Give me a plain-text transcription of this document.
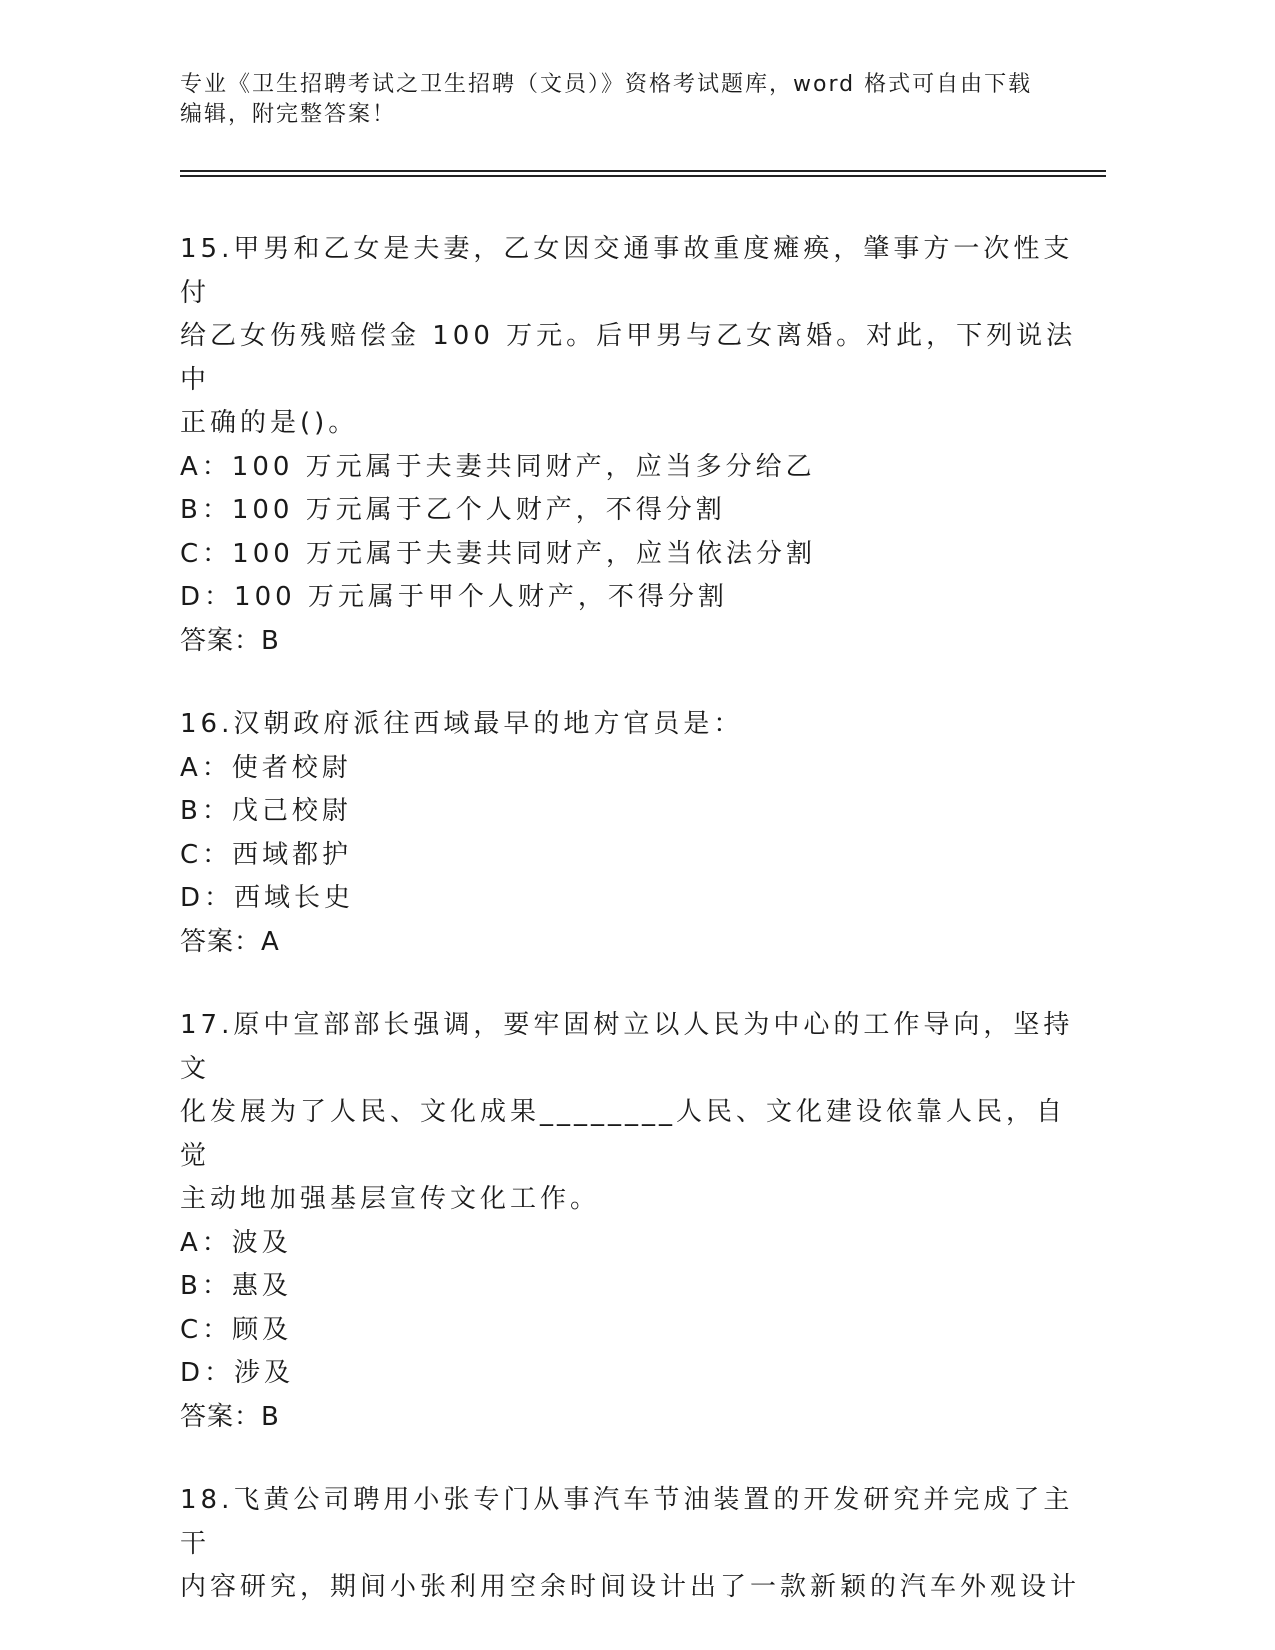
专业《卫生招聘考试之卫生招聘（文员）》资格考试题库，word 格式可自由下载
编辑，附完整答案！

15.甲男和乙女是夫妻，乙女因交通事故重度瘫痪，肇事方一次性支付

给乙女伤残赔偿金 100 万元。后甲男与乙女离婚。对此，下列说法中

正确的是()。

A：100 万元属于夫妻共同财产，应当多分给乙

B：100 万元属于乙个人财产，不得分割

C：100 万元属于夫妻共同财产，应当依法分割

D：100 万元属于甲个人财产，不得分割

答案：B

16.汉朝政府派往西域最早的地方官员是：

A：使者校尉

B：戊己校尉

C：西域都护

D：西域长史

答案：A

17.原中宣部部长强调，要牢固树立以人民为中心的工作导向，坚持文

化发展为了人民、文化成果________人民、文化建设依靠人民，自觉

主动地加强基层宣传文化工作。

A：波及

B：惠及

C：顾及

D：涉及

答案：B

18.飞黄公司聘用小张专门从事汽车节油装置的开发研究并完成了主干

内容研究，期间小张利用空余时间设计出了一款新颖的汽车外观设计
